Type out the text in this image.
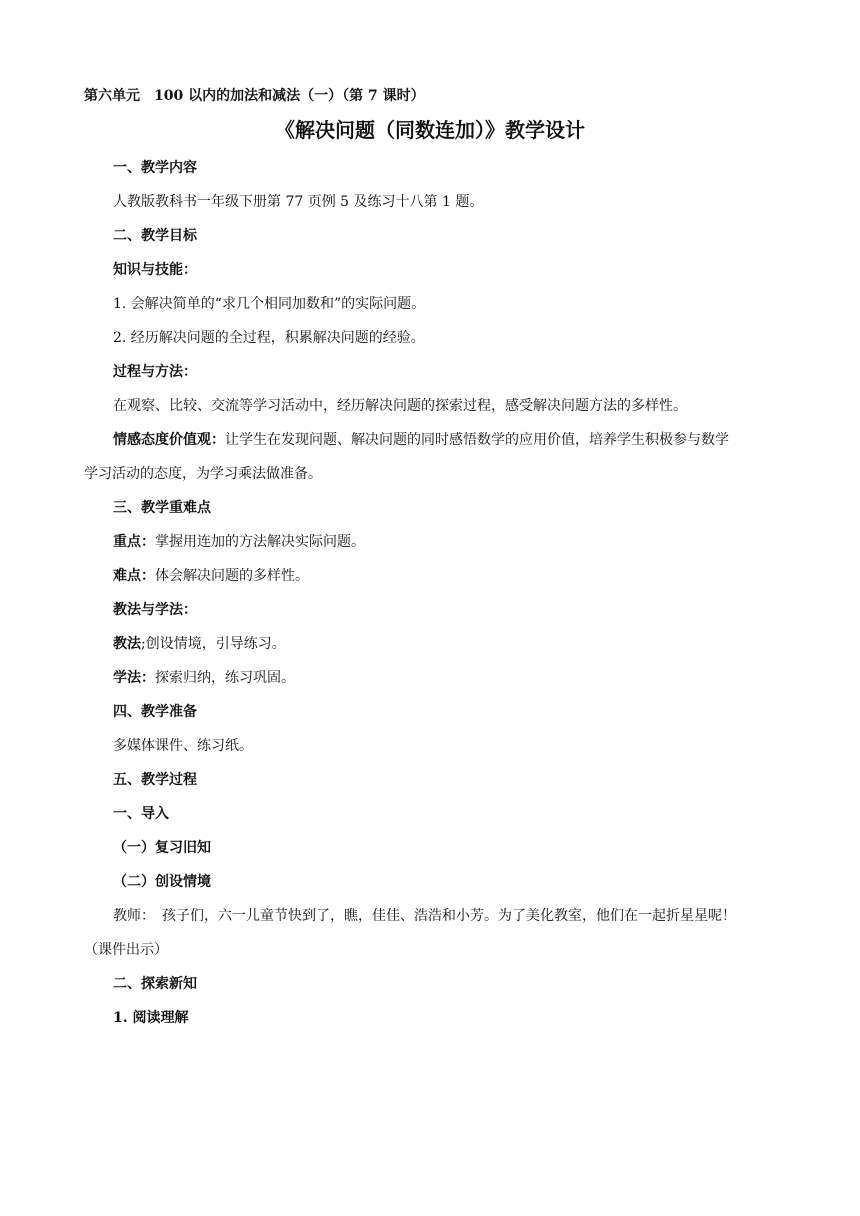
第六单元　100 以内的加法和减法（一）（第 7 课时）
《解决问题（同数连加）》教学设计
一、教学内容
人教版教科书一年级下册第 77 页例 5 及练习十八第 1 题。
二、教学目标
知识与技能：
1. 会解决简单的“求几个相同加数和”的实际问题。
2. 经历解决问题的全过程，积累解决问题的经验。
过程与方法：
在观察、比较、交流等学习活动中，经历解决问题的探索过程，感受解决问题方法的多样性。
情感态度价值观：让学生在发现问题、解决问题的同时感悟数学的应用价值，培养学生积极参与数学
学习活动的态度，为学习乘法做准备。
三、教学重难点
重点：掌握用连加的方法解决实际问题。
难点：体会解决问题的多样性。
教法与学法：
教法;创设情境，引导练习。
学法：探索归纳，练习巩固。
四、教学准备
多媒体课件、练习纸。
五、教学过程
一、导入
（一）复习旧知
（二）创设情境
教师：　孩子们，六一儿童节快到了，瞧，佳佳、浩浩和小芳。为了美化教室，他们在一起折星星呢！
（课件出示）
二、探索新知
1. 阅读理解
